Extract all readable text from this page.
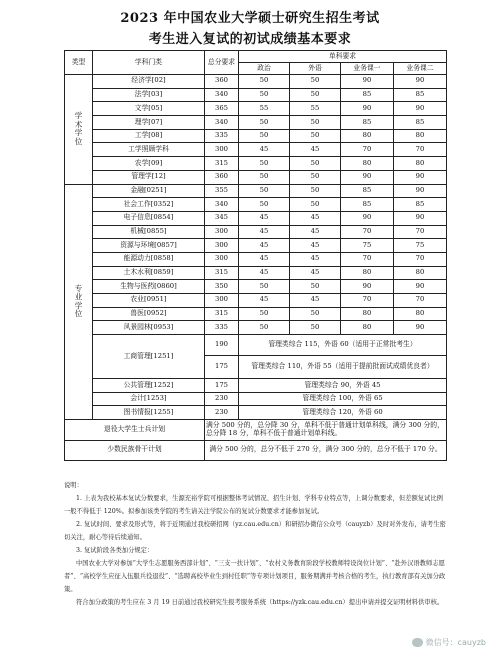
2023 年中国农业大学硕士研究生招生考试
考生进入复试的初试成绩基本要求
类型	学科门类	总分要求	单科要求			
			政治	外语	业务课一	业务课二

学
术
学
位	经济学[02]	360	50	50	90	90
	法学[03]	340	50	50	85	85
	文学[05]	365	55	55	90	90
	理学[07]	340	50	50	85	85
	工学[08]	335	50	50	80	80
	工学照顾学科	300	45	45	70	70
	农学[09]	315	50	50	80	80
	管理学[12]	360	50	50	90	90

专
业
学
位	金融[0251]	355	50	50	85	90
	社会工作[0352]	340	50	50	85	85
	电子信息[0854]	345	45	45	90	90
	机械[0855]	300	45	45	70	70
	资源与环境[0857]	300	45	45	75	75
	能源动力[0858]	300	45	45	70	70
	土木水利[0859]	315	45	45	80	80
	生物与医药[0860]	350	50	50	90	90
	农业[0951]	300	45	45	70	70
	兽医[0952]	315	50	50	80	80
	风景园林[0953]	335	50	50	80	90
	工商管理[1251]	190	管理类综合 115，外语 60（适用于正常批考生）			
		175	管理类综合 110，外语 55（适用于提前批面试成绩优良者）			
	公共管理[1252]	175	管理类综合 90，外语 45			
	会计[1253]	230	管理类综合 100，外语 65			
	图书情报[1255]	230	管理类综合 120，外语 60			
退役大学生士兵计划		满分 500 分的，总分降 30 分，单科不低于普通计划单科线，满分 300 分的，总分降 18 分，单科不低于普通计划单科线。				
少数民族骨干计划		满分 500 分的，总分不低于 270 分，满分 300 分的，总分不低于 170 分。				

说明：

1. 上表为我校基本复试分数要求，生源充裕学院可根据整体考试情况、招生计划、学科专业特点等，上调分数要求，但差额复试比例一般不得低于 120%。拟参加该类学院的考生请关注学院公布的复试分数要求才能参加复试。

2. 复试时间、要求及形式等，将于近期通过我校研招网（yz.cau.edu.cn）和研招办微信公众号（cauyzb）及时对外发布，请考生密切关注，耐心等待后续通知。

3. 复试阶段各类加分规定：

中国农业大学对参加“大学生志愿服务西部计划”、“三支一扶计划”、“农村义务教育阶段学校教师特设岗位计划”、“赴外汉语教师志愿者”、“高校学生应征入伍服兵役退役”、“选聘高校毕业生到村任职”等专项计划项目，服务期满并考核合格的考生，执行教育部有关加分政策。

符合加分政策的考生应在 3 月 19 日前通过我校研究生报考服务系统（https://yzk.cau.edu.cn）提出申请并提交证明材料供审核。

微信号：cauyzb
